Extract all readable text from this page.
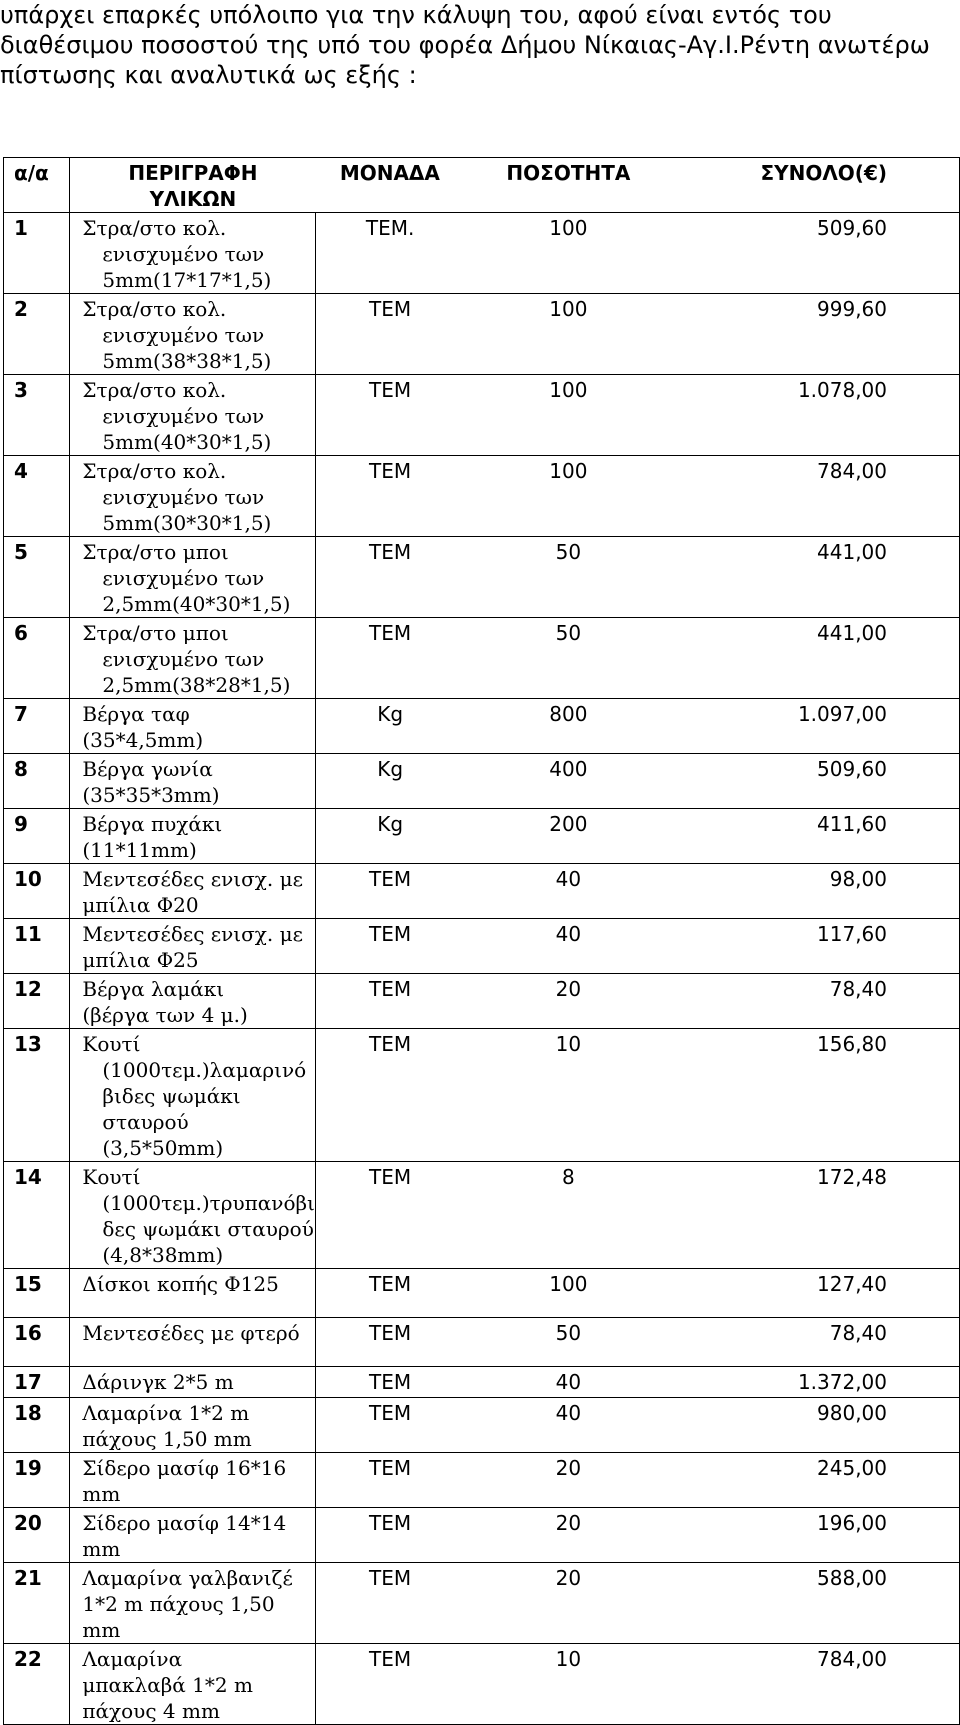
υπάρχει επαρκές υπόλοιπο για την κάλυψη του, αφού είναι εντός του
διαθέσιμου ποσοστού της υπό του φορέα Δήμου Νίκαιας-Αγ.Ι.Ρέντη ανωτέρω
πίστωσης και αναλυτικά ως εξής :
α/α	ΠΕΡΙΓΡΑΦΗ
ΥΛΙΚΩΝ	ΜΟΝΑΔΑ	ΠΟΣΟΤΗΤΑ	ΣΥΝΟΛΟ(€)
1	Στρα/στο κολ.
ενισχυμένο των
5mm(17*17*1,5)	ΤΕΜ.	100	509,60
2	Στρα/στο κολ.
ενισχυμένο των
5mm(38*38*1,5)	ΤΕΜ	100	999,60
3	Στρα/στο κολ.
ενισχυμένο των
5mm(40*30*1,5)	ΤΕΜ	100	1.078,00
4	Στρα/στο κολ.
ενισχυμένο των
5mm(30*30*1,5)	ΤΕΜ	100	784,00
5	Στρα/στο μποι
ενισχυμένο των
2,5mm(40*30*1,5)	ΤΕΜ	50	441,00
6	Στρα/στο μποι
ενισχυμένο των
2,5mm(38*28*1,5)	ΤΕΜ	50	441,00
7	Βέργα ταφ
(35*4,5mm)	Kg	800	1.097,00
8	Βέργα γωνία
(35*35*3mm)	Kg	400	509,60
9	Βέργα πυχάκι
(11*11mm)	Kg	200	411,60
10	Μεντεσέδες ενισχ. με
μπίλια Φ20	ΤΕΜ	40	98,00
11	Μεντεσέδες ενισχ. με
μπίλια Φ25	ΤΕΜ	40	117,60
12	Βέργα λαμάκι
(βέργα των 4 μ.)	ΤΕΜ	20	78,40
13	Κουτί
(1000τεμ.)λαμαρινό
βιδες ψωμάκι
σταυρού
(3,5*50mm)	ΤΕΜ	10	156,80
14	Κουτί
(1000τεμ.)τρυπανόβι
δες ψωμάκι σταυρού
(4,8*38mm)	ΤΕΜ	8	172,48
15	Δίσκοι κοπής Φ125	ΤΕΜ	100	127,40
16	Μεντεσέδες με φτερό	ΤΕΜ	50	78,40
17	Δάρινγκ 2*5 m	ΤΕΜ	40	1.372,00
18	Λαμαρίνα 1*2 m
πάχους 1,50 mm	ΤΕΜ	40	980,00
19	Σίδερο μασίφ 16*16
mm	ΤΕΜ	20	245,00
20	Σίδερο μασίφ 14*14
mm	ΤΕΜ	20	196,00
21	Λαμαρίνα γαλβανιζέ
1*2 m πάχους 1,50
mm	ΤΕΜ	20	588,00
22	Λαμαρίνα
μπακλαβά 1*2 m
πάχους 4 mm	ΤΕΜ	10	784,00
